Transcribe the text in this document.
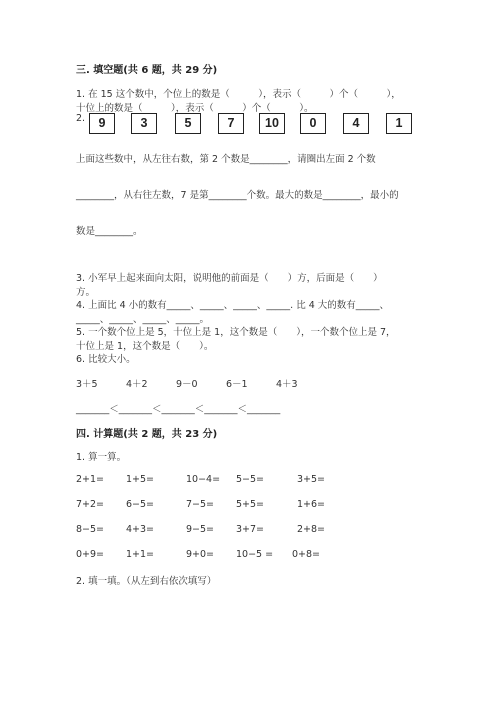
三. 填空题(共 6 题，共 29 分)
1. 在 15 这个数中，个位上的数是（　　　），表示（　　　）个（　　　），
十位上的数是（　　　），表示（　　　）个（　　　）。
2.	9	3	5	7	10	0	4	1
上面这些数中，从左往右数，第 2 个数是________，请圈出左面 2 个数
________，从右往左数，7 是第________个数。最大的数是________，最小的
数是________。
3. 小军早上起来面向太阳，说明他的前面是（　　）方，后面是（　　）
方。
4. 上面比 4 小的数有_____、_____、_____、_____. 比 4 大的数有_____、
_____、_____、_____、_____。
5. 一个数个位上是 5，十位上是 1，这个数是（　　），一个数个位上是 7，
十位上是 1，这个数是（　　）。
6. 比较大小。
3＋5	4＋2	9－0	6－1	4＋3
_______＜_______＜_______＜_______＜_______
四. 计算题(共 2 题，共 23 分)
1. 算一算。
2+1= 1+5=	10−4= 5−5=	3+5=
7+2= 6−5=	7−5= 5+5=	1+6=
8−5= 4+3=	9−5= 3+7=	2+8=
0+9= 1+1=	9+0= 10−5 = 0+8=
2. 填一填。（从左到右依次填写）
